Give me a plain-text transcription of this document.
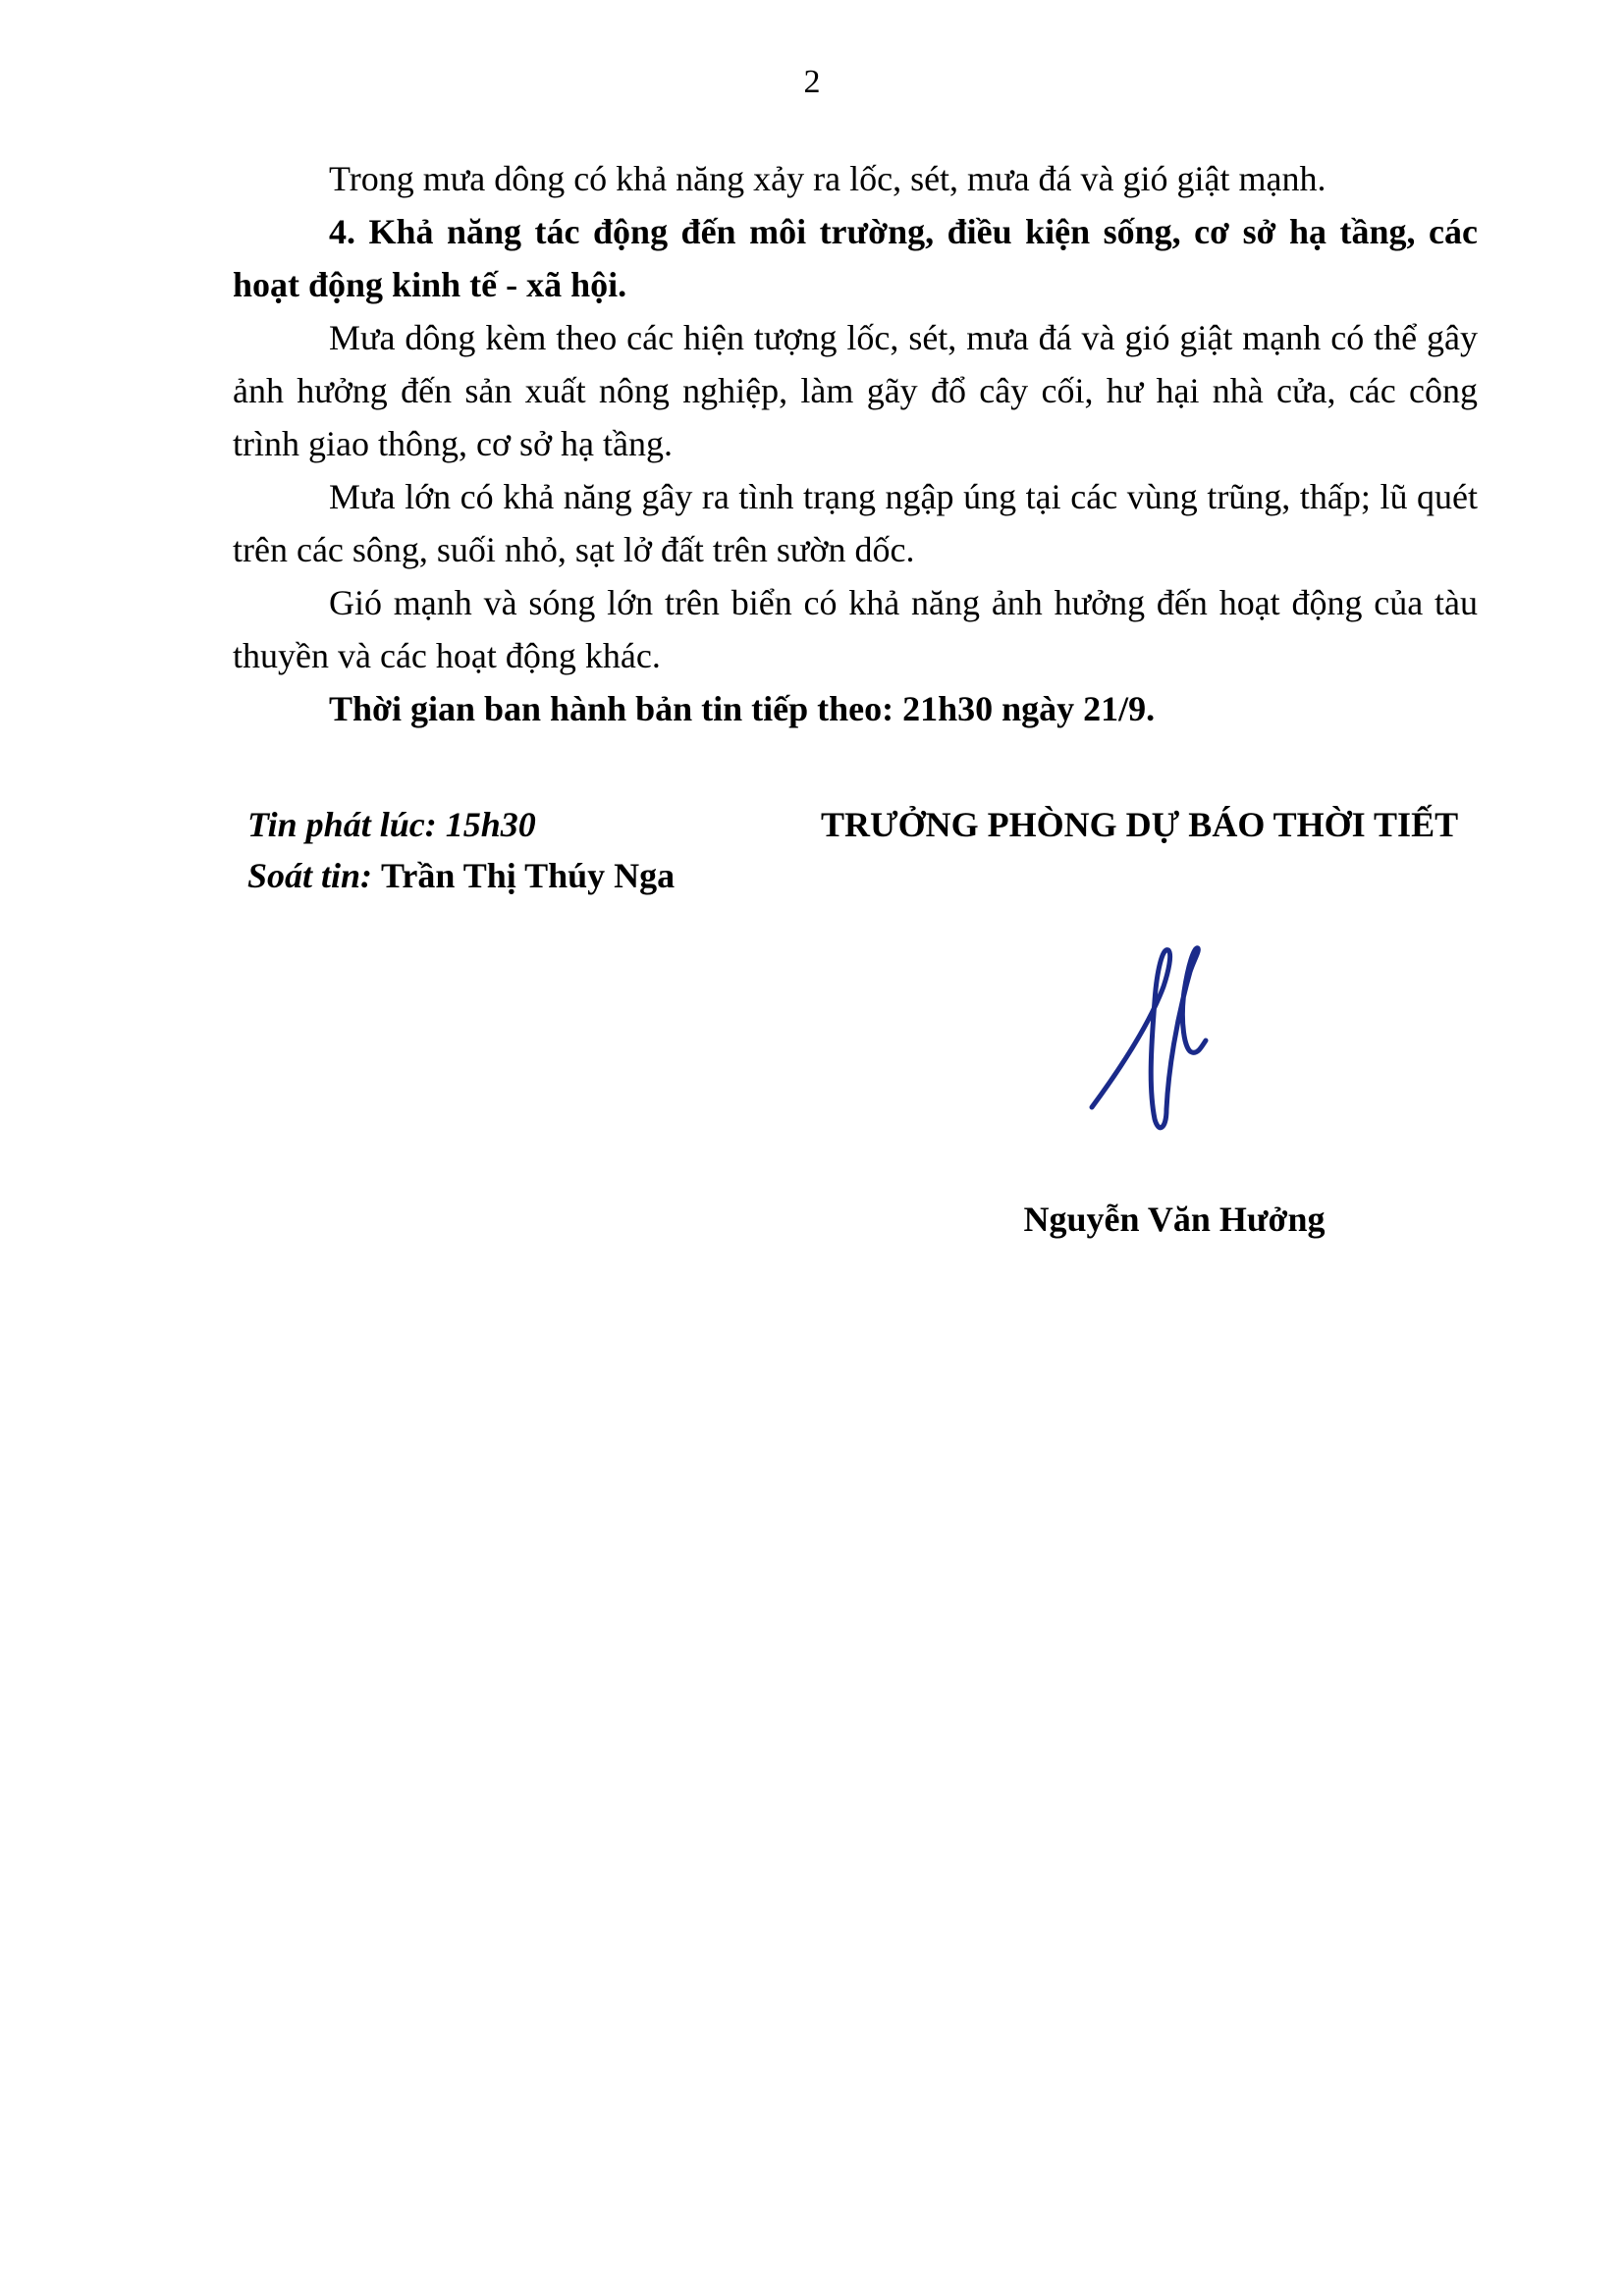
2

Trong mưa dông có khả năng xảy ra lốc, sét, mưa đá và gió giật mạnh.

4. Khả năng tác động đến môi trường, điều kiện sống, cơ sở hạ tầng, các hoạt động kinh tế - xã hội.

Mưa dông kèm theo các hiện tượng lốc, sét, mưa đá và gió giật mạnh có thể gây ảnh hưởng đến sản xuất nông nghiệp, làm gãy đổ cây cối, hư hại nhà cửa, các công trình giao thông, cơ sở hạ tầng.

Mưa lớn có khả năng gây ra tình trạng ngập úng tại các vùng trũng, thấp; lũ quét trên các sông, suối nhỏ, sạt lở đất trên sườn dốc.

Gió mạnh và sóng lớn trên biển có khả năng ảnh hưởng đến hoạt động của tàu thuyền và các hoạt động khác.

Thời gian ban hành bản tin tiếp theo: 21h30 ngày 21/9.

Tin phát lúc: 15h30
Soát tin: Trần Thị Thúy Nga
TRƯỞNG PHÒNG DỰ BÁO THỜI TIẾT
Nguyễn Văn Hưởng
